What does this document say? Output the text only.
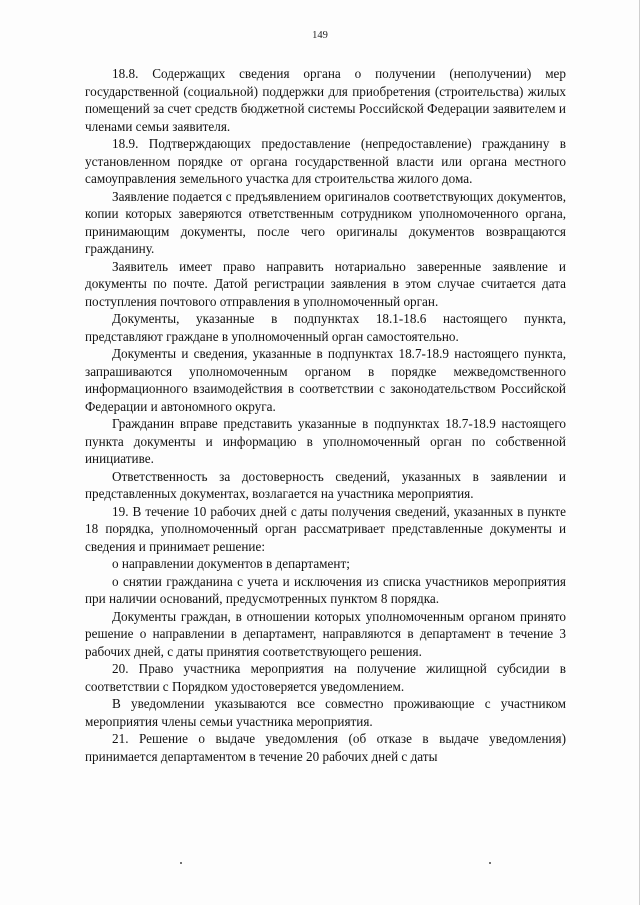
149

18.8. Содержащих сведения органа о получении (неполучении) мер государственной (социальной) поддержки для приобретения (строительства) жилых помещений за счет средств бюджетной системы Российской Федерации заявителем и членами семьи заявителя.

18.9. Подтверждающих предоставление (непредоставление) гражданину в установленном порядке от органа государственной власти или органа местного самоуправления земельного участка для строительства жилого дома.

Заявление подается с предъявлением оригиналов соответствующих документов, копии которых заверяются ответственным сотрудником уполномоченного органа, принимающим документы, после чего оригиналы документов возвращаются гражданину.

Заявитель имеет право направить нотариально заверенные заявление и документы по почте. Датой регистрации заявления в этом случае считается дата поступления почтового отправления в уполномоченный орган.

Документы, указанные в подпунктах 18.1-18.6 настоящего пункта, представляют граждане в уполномоченный орган самостоятельно.

Документы и сведения, указанные в подпунктах 18.7-18.9 настоящего пункта, запрашиваются уполномоченным органом в порядке межведомственного информационного взаимодействия в соответствии с законодательством Российской Федерации и автономного округа.

Гражданин вправе представить указанные в подпунктах 18.7-18.9 настоящего пункта документы и информацию в уполномоченный орган по собственной инициативе.

Ответственность за достоверность сведений, указанных в заявлении и представленных документах, возлагается на участника мероприятия.

19. В течение 10 рабочих дней с даты получения сведений, указанных в пункте 18 порядка, уполномоченный орган рассматривает представленные документы и сведения и принимает решение:

о направлении документов в департамент;

о снятии гражданина с учета и исключения из списка участников мероприятия при наличии оснований, предусмотренных пунктом 8 порядка.

Документы граждан, в отношении которых уполномоченным органом принято решение о направлении в департамент, направляются в департамент в течение 3 рабочих дней, с даты принятия соответствующего решения.

20. Право участника мероприятия на получение жилищной субсидии в соответствии с Порядком удостоверяется уведомлением.

В уведомлении указываются все совместно проживающие с участником мероприятия члены семьи участника мероприятия.

21. Решение о выдаче уведомления (об отказе в выдаче уведомления) принимается департаментом в течение 20 рабочих дней с даты
